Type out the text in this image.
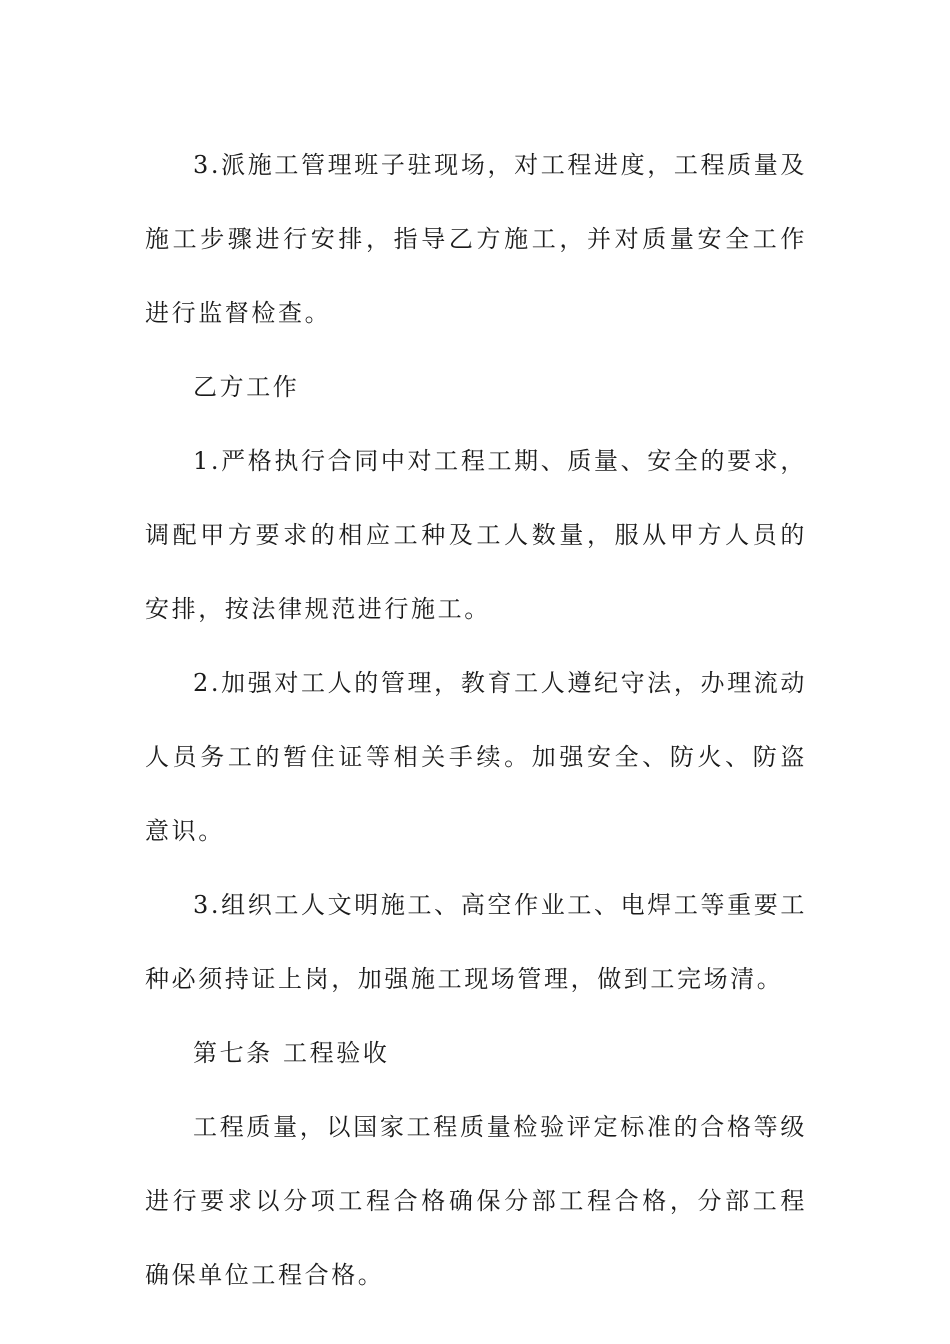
3.派施工管理班子驻现场，对工程进度，工程质量及施工步骤进行安排，指导乙方施工，并对质量安全工作进行监督检查。

乙方工作

1.严格执行合同中对工程工期、质量、安全的要求，调配甲方要求的相应工种及工人数量，服从甲方人员的安排，按法律规范进行施工。

2.加强对工人的管理，教育工人遵纪守法，办理流动人员务工的暂住证等相关手续。加强安全、防火、防盗意识。

3.组织工人文明施工、高空作业工、电焊工等重要工种必须持证上岗，加强施工现场管理，做到工完场清。

第七条 工程验收

工程质量，以国家工程质量检验评定标准的合格等级进行要求以分项工程合格确保分部工程合格，分部工程确保单位工程合格。
